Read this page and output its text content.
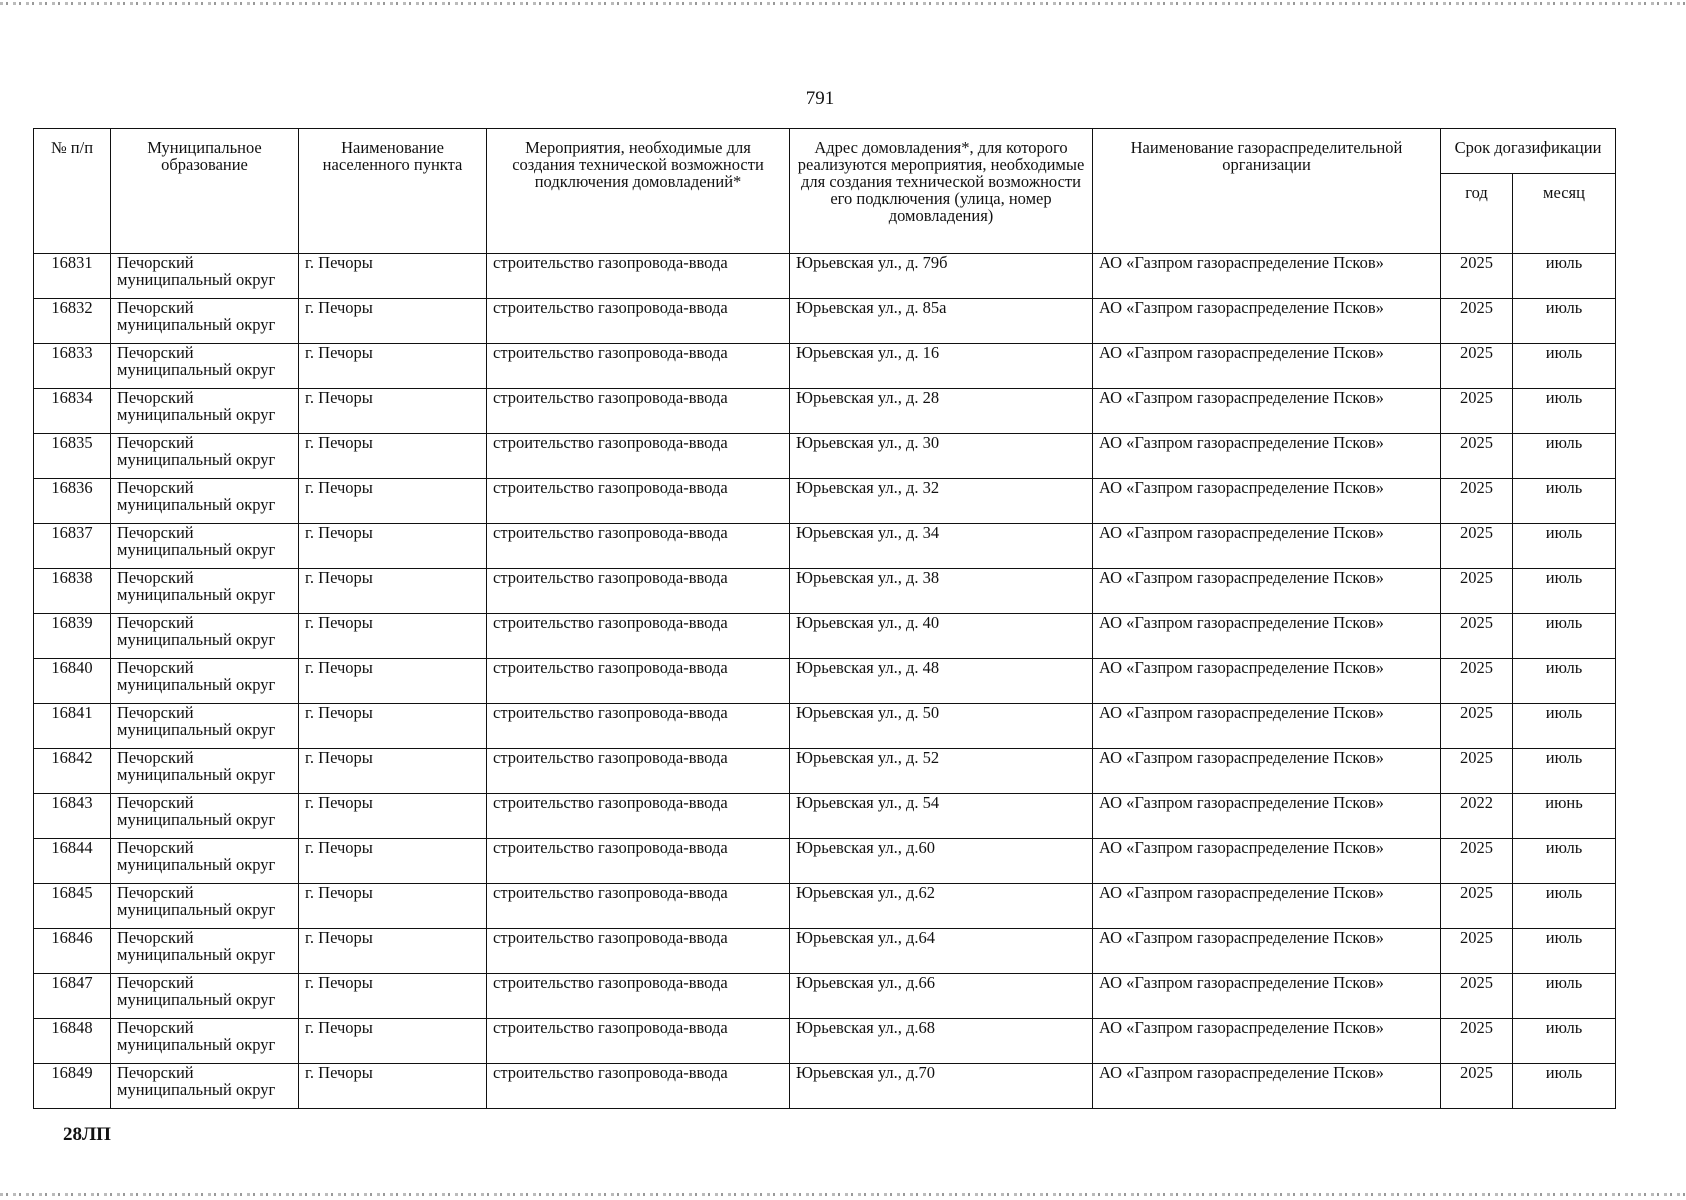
791
№ п/п	Муниципальное образование	Наименование населенного пункта	Мероприятия, необходимые для создания технической возможности подключения домовладений*	Адрес домовладения*, для которого реализуются мероприятия, необходимые для создания технической возможности его подключения (улица, номер домовладения)	Наименование газораспределительной организации	Срок догазификации	
						год	месяц
16831	Печорский муниципальный округ	г. Печоры	строительство газопровода-ввода	Юрьевская ул., д. 79б	АО «Газпром газораспределение Псков»	2025	июль
16832	Печорский муниципальный округ	г. Печоры	строительство газопровода-ввода	Юрьевская ул., д. 85а	АО «Газпром газораспределение Псков»	2025	июль
16833	Печорский муниципальный округ	г. Печоры	строительство газопровода-ввода	Юрьевская ул., д. 16	АО «Газпром газораспределение Псков»	2025	июль
16834	Печорский муниципальный округ	г. Печоры	строительство газопровода-ввода	Юрьевская ул., д. 28	АО «Газпром газораспределение Псков»	2025	июль
16835	Печорский муниципальный округ	г. Печоры	строительство газопровода-ввода	Юрьевская ул., д. 30	АО «Газпром газораспределение Псков»	2025	июль
16836	Печорский муниципальный округ	г. Печоры	строительство газопровода-ввода	Юрьевская ул., д. 32	АО «Газпром газораспределение Псков»	2025	июль
16837	Печорский муниципальный округ	г. Печоры	строительство газопровода-ввода	Юрьевская ул., д. 34	АО «Газпром газораспределение Псков»	2025	июль
16838	Печорский муниципальный округ	г. Печоры	строительство газопровода-ввода	Юрьевская ул., д. 38	АО «Газпром газораспределение Псков»	2025	июль
16839	Печорский муниципальный округ	г. Печоры	строительство газопровода-ввода	Юрьевская ул., д. 40	АО «Газпром газораспределение Псков»	2025	июль
16840	Печорский муниципальный округ	г. Печоры	строительство газопровода-ввода	Юрьевская ул., д. 48	АО «Газпром газораспределение Псков»	2025	июль
16841	Печорский муниципальный округ	г. Печоры	строительство газопровода-ввода	Юрьевская ул., д. 50	АО «Газпром газораспределение Псков»	2025	июль
16842	Печорский муниципальный округ	г. Печоры	строительство газопровода-ввода	Юрьевская ул., д. 52	АО «Газпром газораспределение Псков»	2025	июль
16843	Печорский муниципальный округ	г. Печоры	строительство газопровода-ввода	Юрьевская ул., д. 54	АО «Газпром газораспределение Псков»	2022	июнь
16844	Печорский муниципальный округ	г. Печоры	строительство газопровода-ввода	Юрьевская ул., д.60	АО «Газпром газораспределение Псков»	2025	июль
16845	Печорский муниципальный округ	г. Печоры	строительство газопровода-ввода	Юрьевская ул., д.62	АО «Газпром газораспределение Псков»	2025	июль
16846	Печорский муниципальный округ	г. Печоры	строительство газопровода-ввода	Юрьевская ул., д.64	АО «Газпром газораспределение Псков»	2025	июль
16847	Печорский муниципальный округ	г. Печоры	строительство газопровода-ввода	Юрьевская ул., д.66	АО «Газпром газораспределение Псков»	2025	июль
16848	Печорский муниципальный округ	г. Печоры	строительство газопровода-ввода	Юрьевская ул., д.68	АО «Газпром газораспределение Псков»	2025	июль
16849	Печорский муниципальный округ	г. Печоры	строительство газопровода-ввода	Юрьевская ул., д.70	АО «Газпром газораспределение Псков»	2025	июль
28ЛП
